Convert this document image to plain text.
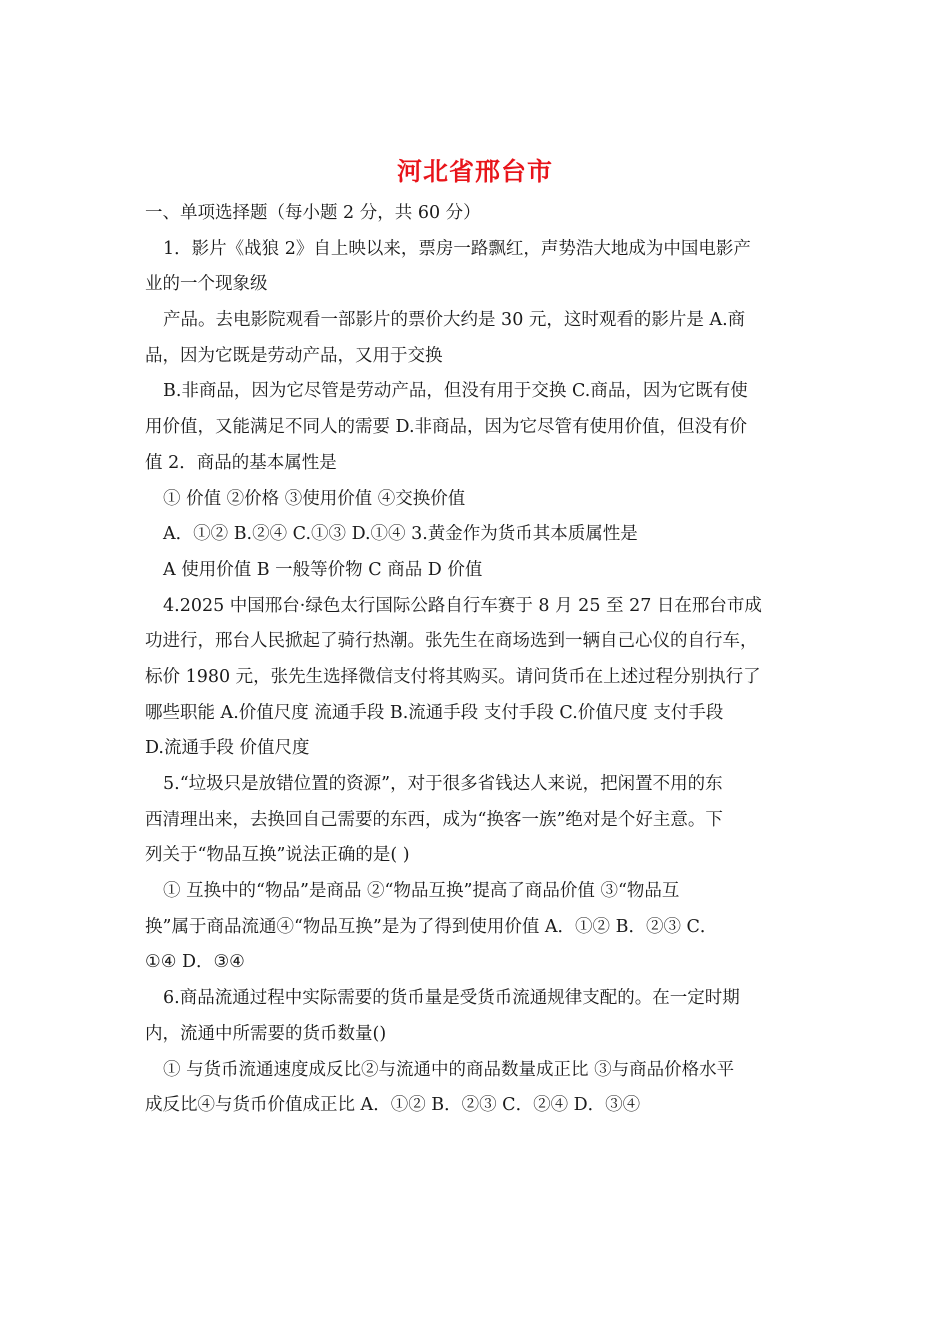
河北省邢台市
一、单项选择题（每小题 2 分，共 60 分）
1．影片《战狼 2》自上映以来，票房一路飘红，声势浩大地成为中国电影产
业的一个现象级
产品。去电影院观看一部影片的票价大约是 30 元，这时观看的影片是 A.商
品，因为它既是劳动产品，又用于交换
B.非商品，因为它尽管是劳动产品，但没有用于交换 C.商品，因为它既有使
用价值，又能满足不同人的需要 D.非商品，因为它尽管有使用价值，但没有价
值 2．商品的基本属性是
① 价值 ②价格 ③使用价值 ④交换价值
A．①② B.②④ C.①③ D.①④ 3.黄金作为货币其本质属性是
A 使用价值 B 一般等价物 C 商品 D 价值
4.2025 中国邢台·绿色太行国际公路自行车赛于 8 月 25 至 27 日在邢台市成
功进行，邢台人民掀起了骑行热潮。张先生在商场选到一辆自己心仪的自行车，
标价 1980 元，张先生选择微信支付将其购买。请问货币在上述过程分别执行了
哪些职能 A.价值尺度 流通手段 B.流通手段 支付手段 C.价值尺度 支付手段
D.流通手段 价值尺度
5.“垃圾只是放错位置的资源”，对于很多省钱达人来说，把闲置不用的东
西清理出来，去换回自己需要的东西，成为“换客一族”绝对是个好主意。下
列关于“物品互换”说法正确的是( )
① 互换中的“物品”是商品 ②“物品互换”提高了商品价值 ③“物品互
换”属于商品流通④“物品互换”是为了得到使用价值 A．①② B．②③ C．
①④ D．③④
6.商品流通过程中实际需要的货币量是受货币流通规律支配的。在一定时期
内，流通中所需要的货币数量()
① 与货币流通速度成反比②与流通中的商品数量成正比 ③与商品价格水平
成反比④与货币价值成正比 A．①② B．②③ C．②④ D．③④
